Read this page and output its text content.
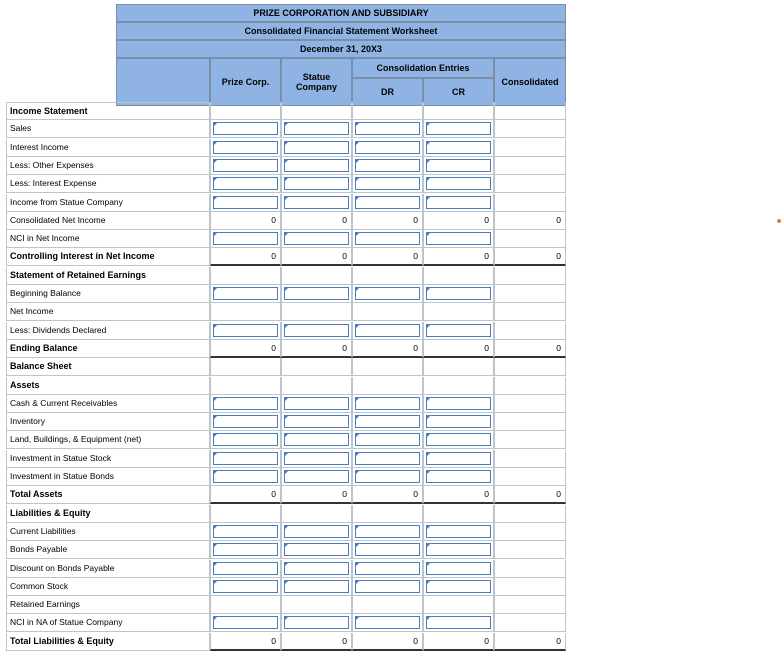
PRIZE CORPORATION AND SUBSIDIARY
Consolidated Financial Statement Worksheet
December 31, 20X3
Prize Corp.	Statue Company
Consolidation Entries
DR	CR
Consolidated
Income Statement
Sales
Interest Income
Less: Other Expenses
Less: Interest Expense
Income from Statue Company
Consolidated Net Income	0	0	0	0	0
NCI in Net Income
Controlling Interest in Net Income	0	0	0	0	0
Statement of Retained Earnings
Beginning Balance
Net Income
Less: Dividends Declared
Ending Balance	0	0	0	0	0
Balance Sheet
Assets
Cash & Current Receivables
Inventory
Land, Buildings, & Equipment (net)
Investment in Statue Stock
Investment in Statue Bonds
Total Assets	0	0	0	0	0
Liabilities & Equity
Current Liabilities
Bonds Payable
Discount on Bonds Payable
Common Stock
Retained Earnings
NCI in NA of Statue Company
Total Liabilities & Equity	0	0	0	0	0
